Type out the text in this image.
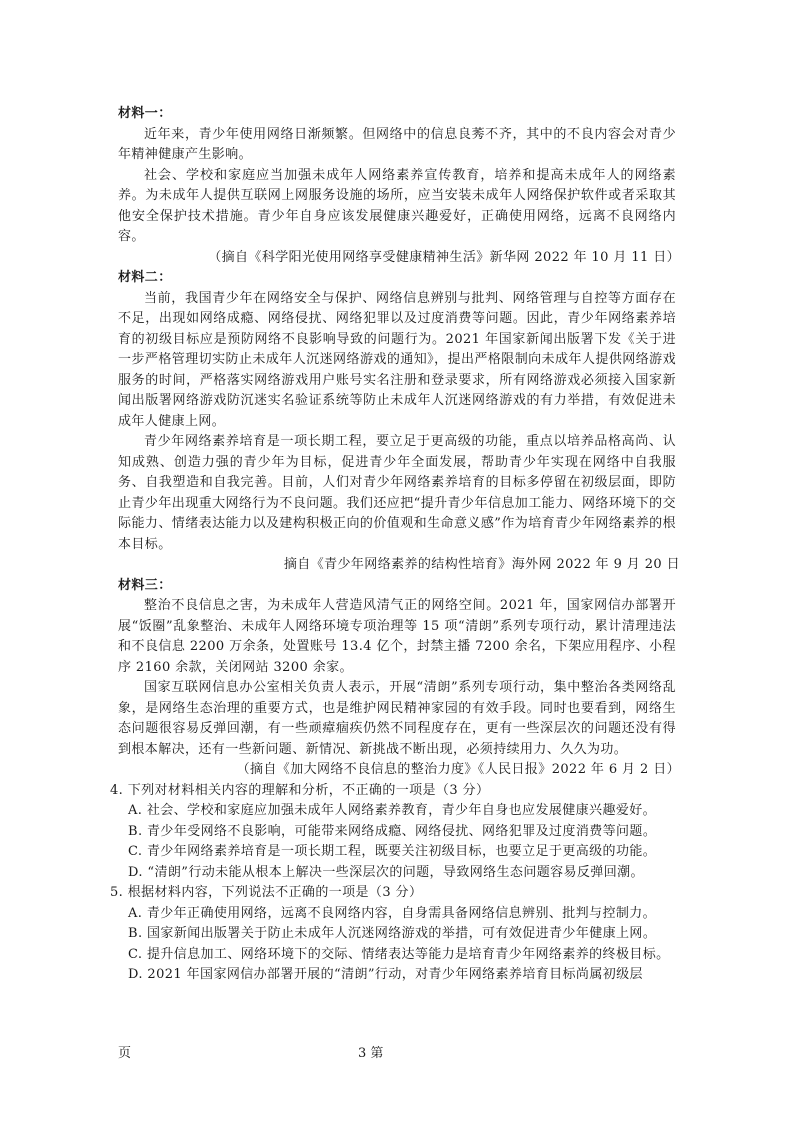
材料一：

近年来，青少年使用网络日渐频繁。但网络中的信息良莠不齐，其中的不良内容会对青少年精神健康产生影响。

社会、学校和家庭应当加强未成年人网络素养宣传教育，培养和提高未成年人的网络素养。为未成年人提供互联网上网服务设施的场所，应当安装未成年人网络保护软件或者采取其他安全保护技术措施。青少年自身应该发展健康兴趣爱好，正确使用网络，远离不良网络内容。

（摘自《科学阳光使用网络享受健康精神生活》新华网 2022 年 10 月 11 日）

材料二：

当前，我国青少年在网络安全与保护、网络信息辨别与批判、网络管理与自控等方面存在不足，出现如网络成瘾、网络侵扰、网络犯罪以及过度消费等问题。因此，青少年网络素养培育的初级目标应是预防网络不良影响导致的问题行为。2021 年国家新闻出版署下发《关于进一步严格管理切实防止未成年人沉迷网络游戏的通知》，提出严格限制向未成年人提供网络游戏服务的时间，严格落实网络游戏用户账号实名注册和登录要求，所有网络游戏必须接入国家新闻出版署网络游戏防沉迷实名验证系统等防止未成年人沉迷网络游戏的有力举措，有效促进未成年人健康上网。

青少年网络素养培育是一项长期工程，要立足于更高级的功能，重点以培养品格高尚、认知成熟、创造力强的青少年为目标，促进青少年全面发展，帮助青少年实现在网络中自我服务、自我塑造和自我完善。目前，人们对青少年网络素养培育的目标多停留在初级层面，即防止青少年出现重大网络行为不良问题。我们还应把“提升青少年信息加工能力、网络环境下的交际能力、情绪表达能力以及建构积极正向的价值观和生命意义感”作为培育青少年网络素养的根本目标。

摘自《青少年网络素养的结构性培育》海外网 2022 年 9 月 20 日

材料三：

整治不良信息之害，为未成年人营造风清气正的网络空间。2021 年，国家网信办部署开展“饭圈”乱象整治、未成年人网络环境专项治理等 15 项“清朗”系列专项行动，累计清理违法和不良信息 2200 万余条，处置账号 13.4 亿个，封禁主播 7200 余名，下架应用程序、小程序 2160 余款，关闭网站 3200 余家。

国家互联网信息办公室相关负责人表示，开展“清朗”系列专项行动，集中整治各类网络乱象，是网络生态治理的重要方式，也是维护网民精神家园的有效手段。同时也要看到，网络生态问题很容易反弹回潮，有一些顽瘴痼疾仍然不同程度存在，更有一些深层次的问题还没有得到根本解决，还有一些新问题、新情况、新挑战不断出现，必须持续用力、久久为功。

（摘自《加大网络不良信息的整治力度》《人民日报》2022 年 6 月 2 日）

4. 下列对材料相关内容的理解和分析，不正确的一项是（3 分）

A. 社会、学校和家庭应加强未成年人网络素养教育，青少年自身也应发展健康兴趣爱好。

B. 青少年受网络不良影响，可能带来网络成瘾、网络侵扰、网络犯罪及过度消费等问题。

C. 青少年网络素养培育是一项长期工程，既要关注初级目标，也要立足于更高级的功能。

D. “清朗”行动未能从根本上解决一些深层次的问题，导致网络生态问题容易反弹回潮。

5. 根据材料内容，下列说法不正确的一项是（3 分）

A. 青少年正确使用网络，远离不良网络内容，自身需具备网络信息辨别、批判与控制力。

B. 国家新闻出版署关于防止未成年人沉迷网络游戏的举措，可有效促进青少年健康上网。

C. 提升信息加工、网络环境下的交际、情绪表达等能力是培育青少年网络素养的终极目标。

D. 2021 年国家网信办部署开展的“清朗”行动，对青少年网络素养培育目标尚属初级层

页	3 第
